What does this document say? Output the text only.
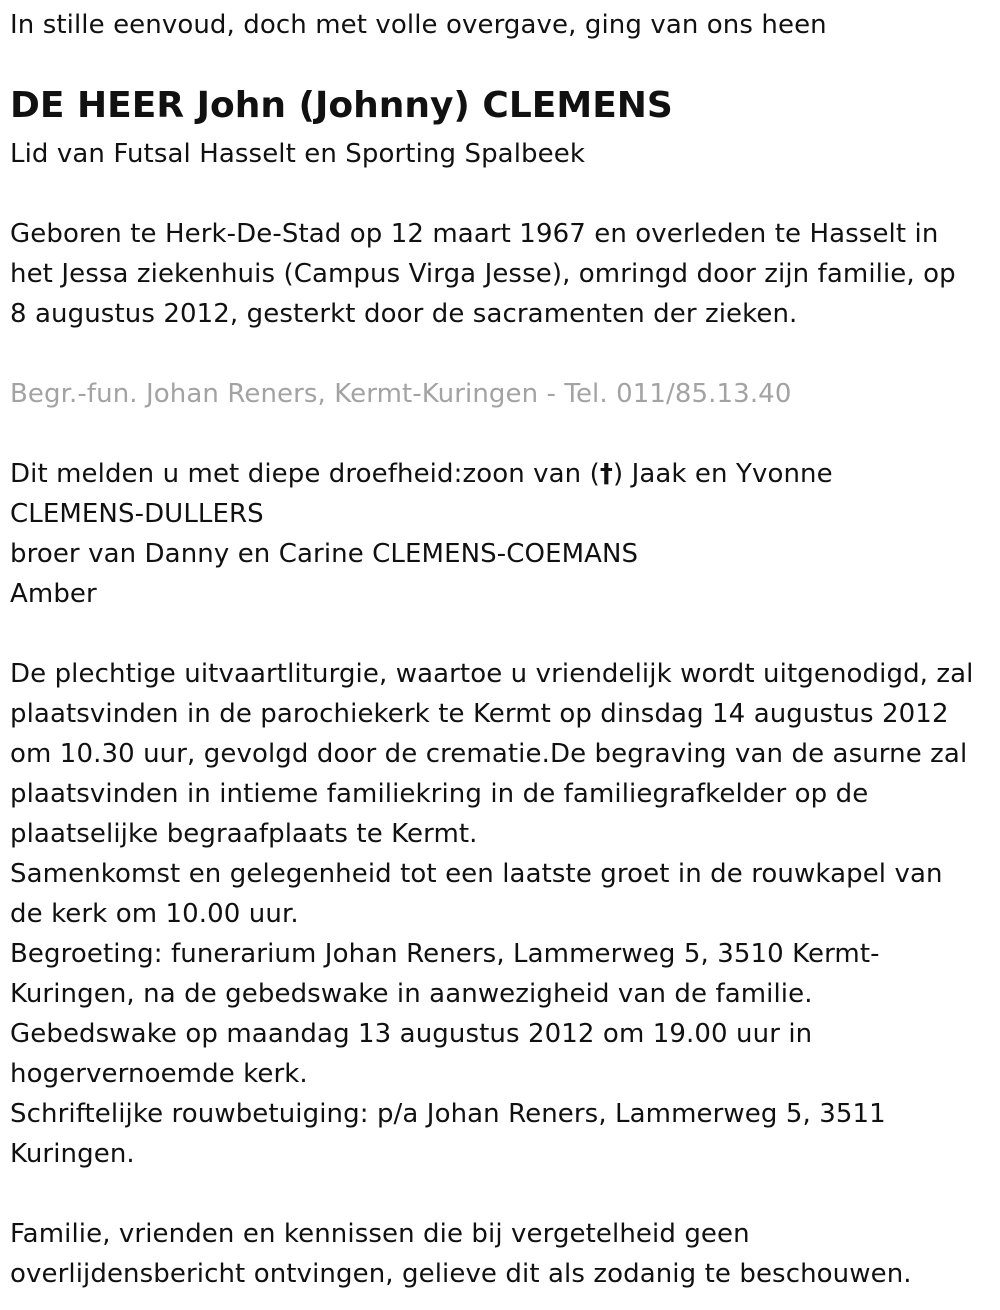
In stille eenvoud, doch met volle overgave, ging van ons heen
DE HEER John (Johnny) CLEMENS
Lid van Futsal Hasselt en Sporting Spalbeek
Geboren te Herk-De-Stad op 12 maart 1967 en overleden te Hasselt in
het Jessa ziekenhuis (Campus Virga Jesse), omringd door zijn familie, op
8 augustus 2012, gesterkt door de sacramenten der zieken.
Begr.-fun. Johan Reners, Kermt-Kuringen - Tel. 011/85.13.40
Dit melden u met diepe droefheid:zoon van (†) Jaak en Yvonne
CLEMENS-DULLERS
broer van Danny en Carine CLEMENS-COEMANS
Amber
De plechtige uitvaartliturgie, waartoe u vriendelijk wordt uitgenodigd, zal
plaatsvinden in de parochiekerk te Kermt op dinsdag 14 augustus 2012
om 10.30 uur, gevolgd door de crematie.De begraving van de asurne zal
plaatsvinden in intieme familiekring in de familiegrafkelder op de
plaatselijke begraafplaats te Kermt.
Samenkomst en gelegenheid tot een laatste groet in de rouwkapel van
de kerk om 10.00 uur.
Begroeting: funerarium Johan Reners, Lammerweg 5, 3510 Kermt-
Kuringen, na de gebedswake in aanwezigheid van de familie.
Gebedswake op maandag 13 augustus 2012 om 19.00 uur in
hogervernoemde kerk.
Schriftelijke rouwbetuiging: p/a Johan Reners, Lammerweg 5, 3511
Kuringen.
Familie, vrienden en kennissen die bij vergetelheid geen
overlijdensbericht ontvingen, gelieve dit als zodanig te beschouwen.
